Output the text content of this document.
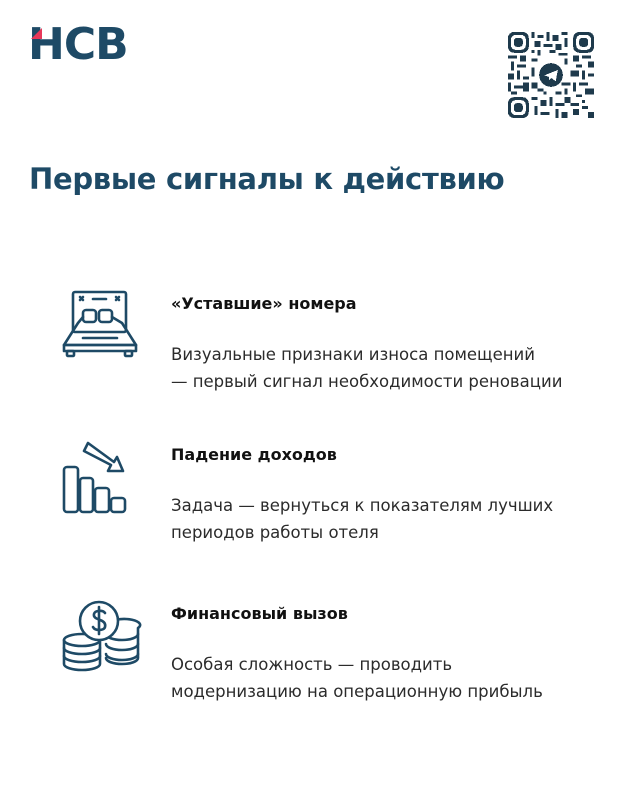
НСВ
Первые сигналы к действию
«Уставшие» номера
Визуальные признаки износа помещений
— первый сигнал необходимости реновации
Падение доходов
Задача — вернуться к показателям лучших
периодов работы отеля
Финансовый вызов
Особая сложность — проводить
модернизацию на операционную прибыль
